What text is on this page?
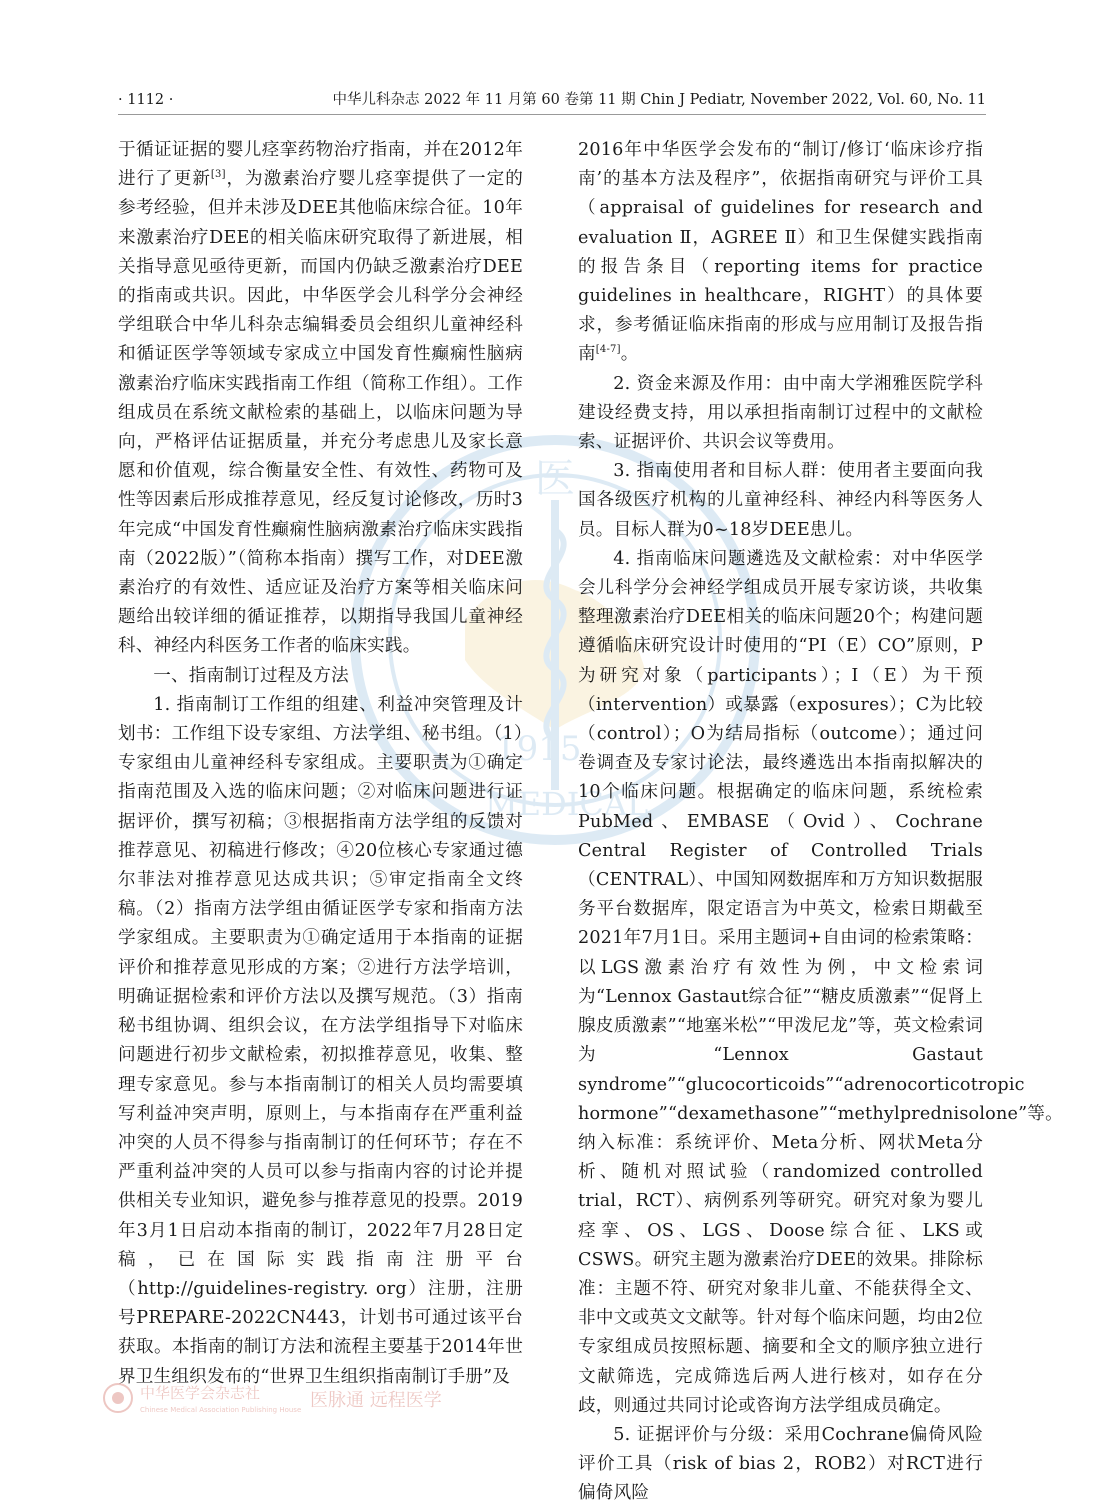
医
1915
MEDICAL
· 1112 ·	中华儿科杂志 2022 年 11 月第 60 卷第 11 期 Chin J Pediatr, November 2022, Vol. 60, No. 11

于循证证据的婴儿痉挛药物治疗指南，并在2012年进行了更新[3]，为激素治疗婴儿痉挛提供了一定的参考经验，但并未涉及DEE其他临床综合征。10年来激素治疗DEE的相关临床研究取得了新进展，相关指导意见亟待更新，而国内仍缺乏激素治疗DEE的指南或共识。因此，中华医学会儿科学分会神经学组联合中华儿科杂志编辑委员会组织儿童神经科和循证医学等领域专家成立中国发育性癫痫性脑病激素治疗临床实践指南工作组（简称工作组）。工作组成员在系统文献检索的基础上，以临床问题为导向，严格评估证据质量，并充分考虑患儿及家长意愿和价值观，综合衡量安全性、有效性、药物可及性等因素后形成推荐意见，经反复讨论修改，历时3年完成“中国发育性癫痫性脑病激素治疗临床实践指南（2022版）”（简称本指南）撰写工作，对DEE激素治疗的有效性、适应证及治疗方案等相关临床问题给出较详细的循证推荐，以期指导我国儿童神经科、神经内科医务工作者的临床实践。

一、指南制订过程及方法

1. 指南制订工作组的组建、利益冲突管理及计划书：工作组下设专家组、方法学组、秘书组。（1）专家组由儿童神经科专家组成。主要职责为①确定指南范围及入选的临床问题；②对临床问题进行证据评价，撰写初稿；③根据指南方法学组的反馈对推荐意见、初稿进行修改；④20位核心专家通过德尔菲法对推荐意见达成共识；⑤审定指南全文终稿。（2）指南方法学组由循证医学专家和指南方法学家组成。主要职责为①确定适用于本指南的证据评价和推荐意见形成的方案；②进行方法学培训，明确证据检索和评价方法以及撰写规范。（3）指南秘书组协调、组织会议，在方法学组指导下对临床问题进行初步文献检索，初拟推荐意见，收集、整理专家意见。参与本指南制订的相关人员均需要填写利益冲突声明，原则上，与本指南存在严重利益冲突的人员不得参与指南制订的任何环节；存在不严重利益冲突的人员可以参与指南内容的讨论并提供相关专业知识，避免参与推荐意见的投票。2019年3月1日启动本指南的制订，2022年7月28日定稿，已在国际实践指南注册平台（http://guidelines-registry. org）注册，注册号PREPARE-2022CN443，计划书可通过该平台获取。本指南的制订方法和流程主要基于2014年世界卫生组织发布的“世界卫生组织指南制订手册”及

2016年中华医学会发布的“制订/修订‘临床诊疗指南’的基本方法及程序”，依据指南研究与评价工具（appraisal of guidelines for research and evaluation Ⅱ，AGREE Ⅱ）和卫生保健实践指南的报告条目（reporting items for practice guidelines in healthcare，RIGHT）的具体要求，参考循证临床指南的形成与应用制订及报告指南[4-7]。

2. 资金来源及作用：由中南大学湘雅医院学科建设经费支持，用以承担指南制订过程中的文献检索、证据评价、共识会议等费用。

3. 指南使用者和目标人群：使用者主要面向我国各级医疗机构的儿童神经科、神经内科等医务人员。目标人群为0~18岁DEE患儿。

4. 指南临床问题遴选及文献检索：对中华医学会儿科学分会神经学组成员开展专家访谈，共收集整理激素治疗DEE相关的临床问题20个；构建问题遵循临床研究设计时使用的“PI（E）CO”原则，P为研究对象（participants）；I（E）为干预（intervention）或暴露（exposures）；C为比较（control）；O为结局指标（outcome）；通过问卷调查及专家讨论法，最终遴选出本指南拟解决的10个临床问题。根据确定的临床问题，系统检索PubMed、EMBASE（Ovid）、Cochrane Central Register of Controlled Trials（CENTRAL）、中国知网数据库和万方知识数据服务平台数据库，限定语言为中英文，检索日期截至2021年7月1日。采用主题词+自由词的检索策略：以LGS激素治疗有效性为例，中文检索词为“Lennox Gastaut综合征”“糖皮质激素”“促肾上腺皮质激素”“地塞米松”“甲泼尼龙”等，英文检索词为“Lennox Gastaut syndrome”“glucocorticoids”“adrenocorticotropic hormone”“dexamethasone”“methylprednisolone”等。纳入标准：系统评价、Meta分析、网状Meta分析、随机对照试验（randomized controlled trial，RCT）、病例系列等研究。研究对象为婴儿痉挛、OS、LGS、Doose综合征、LKS或CSWS。研究主题为激素治疗DEE的效果。排除标准：主题不符、研究对象非儿童、不能获得全文、非中文或英文文献等。针对每个临床问题，均由2位专家组成员按照标题、摘要和全文的顺序独立进行文献筛选，完成筛选后两人进行核对，如存在分歧，则通过共同讨论或咨询方法学组成员确定。

5. 证据评价与分级：采用Cochrane偏倚风险评价工具（risk of bias 2，ROB2）对RCT进行偏倚风险

中华医学会杂志社
Chinese Medical Association Publishing House 医脉通 远程医学
